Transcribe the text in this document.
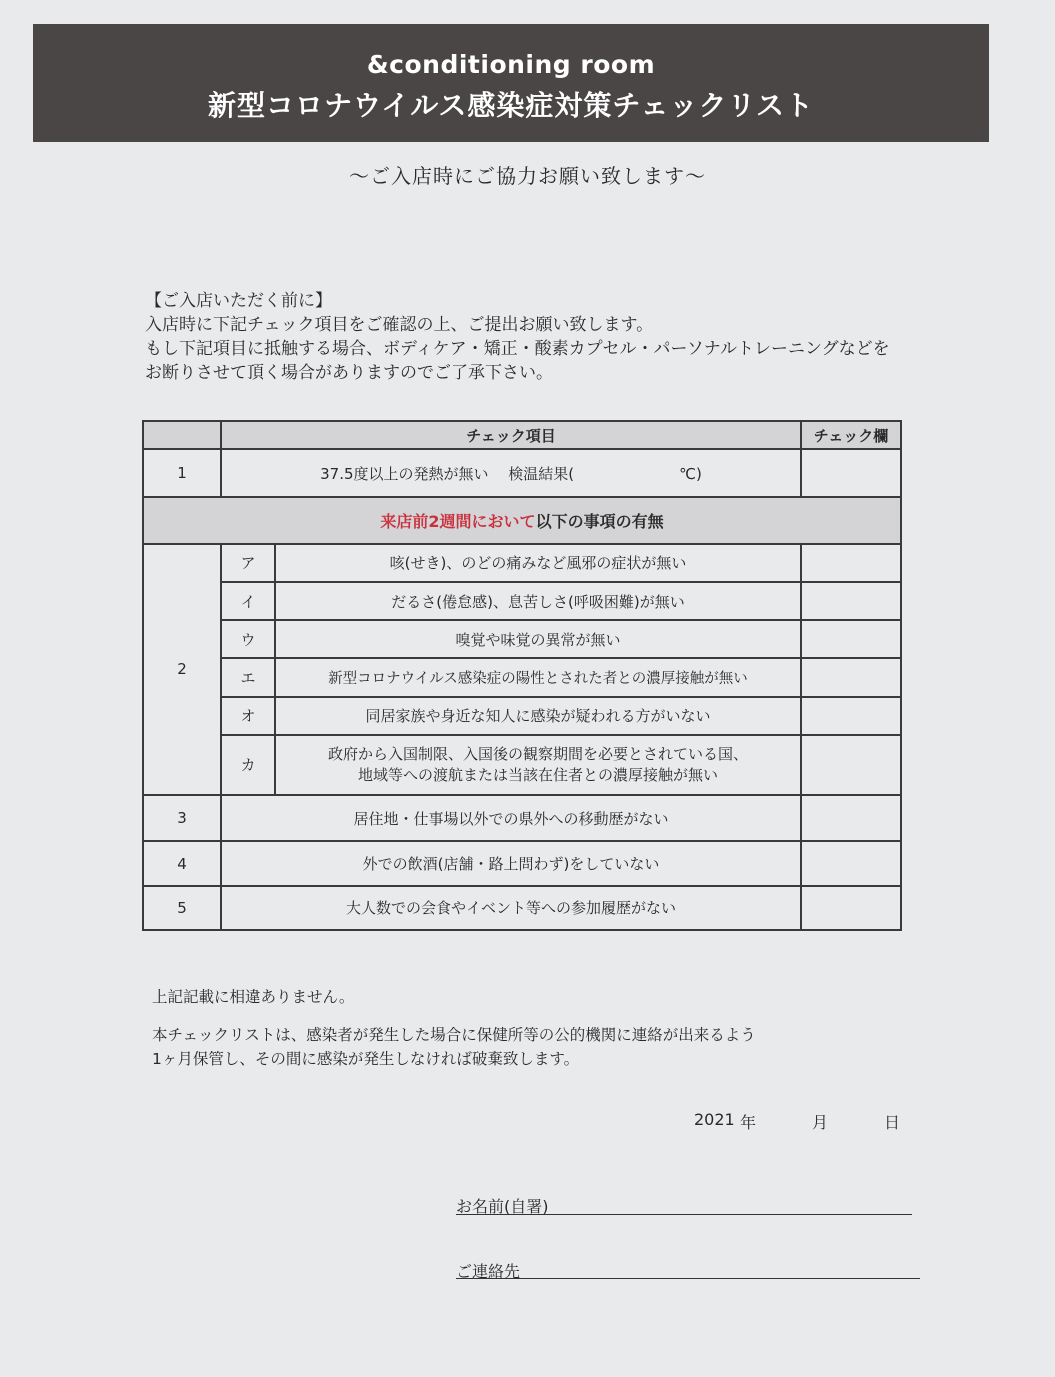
&conditioning room
新型コロナウイルス感染症対策チェックリスト
～ご入店時にご協力お願い致します～
【ご入店いただく前に】
入店時に下記チェック項目をご確認の上、ご提出お願い致します。
もし下記項目に抵触する場合、ボディケア・矯正・酸素カプセル・パーソナルトレーニングなどを
お断りさせて頂く場合がありますのでご了承下さい。
	チェック項目		チェック欄
1	37.5度以上の発熱が無い　 検温結果(　　　　　　　℃)		
来店前2週間において以下の事項の有無			
2	ア	咳(せき)、のどの痛みなど風邪の症状が無い	
	イ	だるさ(倦怠感)、息苦しさ(呼吸困難)が無い	
	ウ	嗅覚や味覚の異常が無い	
	エ	新型コロナウイルス感染症の陽性とされた者との濃厚接触が無い	
	オ	同居家族や身近な知人に感染が疑われる方がいない	
	カ	政府から入国制限、入国後の観察期間を必要とされている国、
地域等への渡航または当該在住者との濃厚接触が無い	

3	居住地・仕事場以外での県外への移動歴がない		
4	外での飲酒(店舗・路上問わず)をしていない		
5	大人数での会食やイベント等への参加履歴がない		
上記記載に相違ありません。
本チェックリストは、感染者が発生した場合に保健所等の公的機関に連絡が出来るよう
1ヶ月保管し、その間に感染が発生しなければ破棄致します。
2021 年	月	日
お名前(自署)
ご連絡先
